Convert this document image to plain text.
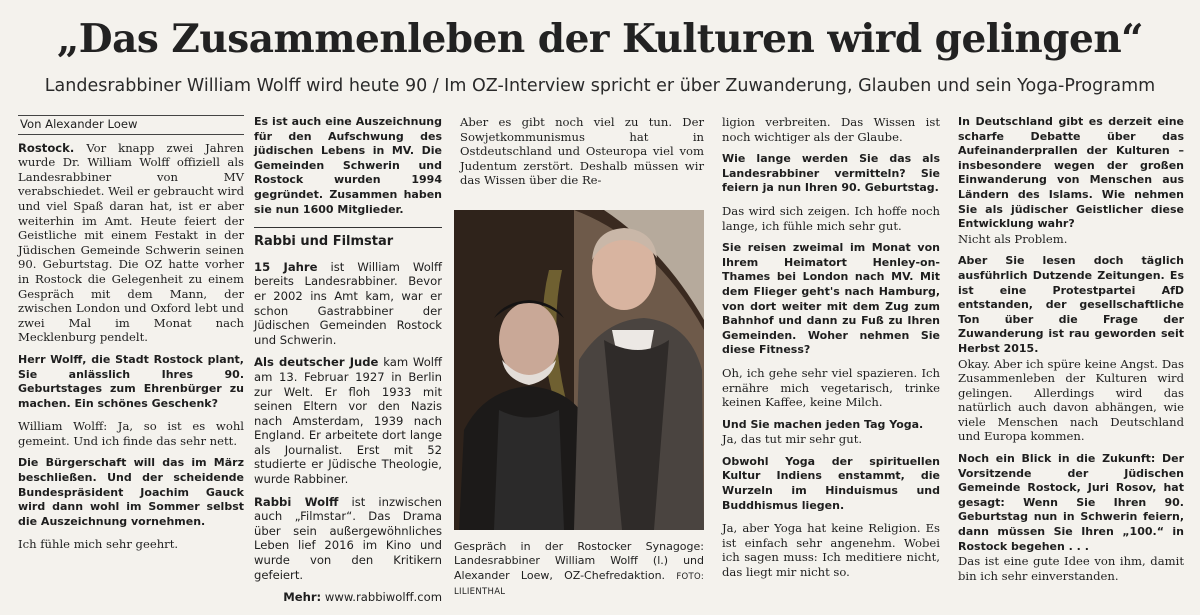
„Das Zusammenleben der Kulturen wird gelingen“
Landesrabbiner William Wolff wird heute 90 / Im OZ-Interview spricht er über Zuwanderung, Glauben und sein Yoga-Programm
Von Alexander Loew

Rostock. Vor knapp zwei Jahren wurde Dr. William Wolff offiziell als Landesrabbiner von MV verabschiedet. Weil er gebraucht wird und viel Spaß daran hat, ist er aber weiterhin im Amt. Heute feiert der Geistliche mit einem Festakt in der Jüdischen Gemeinde Schwerin seinen 90. Geburtstag. Die OZ hatte vorher in Rostock die Gelegenheit zu einem Gespräch mit dem Mann, der zwischen London und Oxford lebt und zwei Mal im Monat nach Mecklenburg pendelt.

Herr Wolff, die Stadt Rostock plant, Sie anlässlich Ihres 90. Geburtstages zum Ehrenbürger zu machen. Ein schönes Geschenk?

William Wolff: Ja, so ist es wohl gemeint. Und ich finde das sehr nett.

Die Bürgerschaft will das im März beschließen. Und der scheidende Bundespräsident Joachim Gauck wird dann wohl im Sommer selbst die Auszeichnung vornehmen.

Ich fühle mich sehr geehrt.

Es ist auch eine Auszeichnung für den Aufschwung des jüdischen Lebens in MV. Die Gemeinden Schwerin und Rostock wurden 1994 gegründet. Zusammen haben sie nun 1600 Mitglieder.

Rabbi und Filmstar

15 Jahre ist William Wolff bereits Landesrabbiner. Bevor er 2002 ins Amt kam, war er schon Gastrabbiner der Jüdischen Gemeinden Rostock und Schwerin.

Als deutscher Jude kam Wolff am 13. Februar 1927 in Berlin zur Welt. Er floh 1933 mit seinen Eltern vor den Nazis nach Amsterdam, 1939 nach England. Er arbeitete dort lange als Journalist. Erst mit 52 studierte er Jüdische Theologie, wurde Rabbiner.

Rabbi Wolff ist inzwischen auch „Filmstar“. Das Drama über sein außergewöhnliches Leben lief 2016 im Kino und wurde von den Kritikern gefeiert.

Mehr: www.rabbiwolff.com

Aber es gibt noch viel zu tun. Der Sowjetkommunismus hat in Ostdeutschland und Osteuropa viel vom Judentum zerstört. Deshalb müssen wir das Wissen über die Re-

Gespräch in der Rostocker Synagoge: Landesrabbiner William Wolff (l.) und Alexander Loew, OZ-Chefredaktion. FOTO: LILIENTHAL

ligion verbreiten. Das Wissen ist noch wichtiger als der Glaube.

Wie lange werden Sie das als Landesrabbiner vermitteln? Sie feiern ja nun Ihren 90. Geburtstag.

Das wird sich zeigen. Ich hoffe noch lange, ich fühle mich sehr gut.

Sie reisen zweimal im Monat von Ihrem Heimatort Henley-on-Thames bei London nach MV. Mit dem Flieger geht's nach Hamburg, von dort weiter mit dem Zug zum Bahnhof und dann zu Fuß zu Ihren Gemeinden. Woher nehmen Sie diese Fitness?

Oh, ich gehe sehr viel spazieren. Ich ernähre mich vegetarisch, trinke keinen Kaffee, keine Milch.

Und Sie machen jeden Tag Yoga.

Ja, das tut mir sehr gut.

Obwohl Yoga der spirituellen Kultur Indiens enstammt, die Wurzeln im Hinduismus und Buddhismus liegen.

Ja, aber Yoga hat keine Religion. Es ist einfach sehr angenehm. Wobei ich sagen muss: Ich meditiere nicht, das liegt mir nicht so.

In Deutschland gibt es derzeit eine scharfe Debatte über das Aufeinanderprallen der Kulturen – insbesondere wegen der großen Einwanderung von Menschen aus Ländern des Islams. Wie nehmen Sie als jüdischer Geistlicher diese Entwicklung wahr?

Nicht als Problem.

Aber Sie lesen doch täglich ausführlich Dutzende Zeitungen. Es ist eine Protestpartei AfD entstanden, der gesellschaftliche Ton über die Frage der Zuwanderung ist rau geworden seit Herbst 2015.

Okay. Aber ich spüre keine Angst. Das Zusammenleben der Kulturen wird gelingen. Allerdings wird das natürlich auch davon abhängen, wie viele Menschen nach Deutschland und Europa kommen.

Noch ein Blick in die Zukunft: Der Vorsitzende der Jüdischen Gemeinde Rostock, Juri Rosov, hat gesagt: Wenn Sie Ihren 90. Geburtstag nun in Schwerin feiern, dann müssen Sie Ihren „100.“ in Rostock begehen . . .

Das ist eine gute Idee von ihm, damit bin ich sehr einverstanden.
